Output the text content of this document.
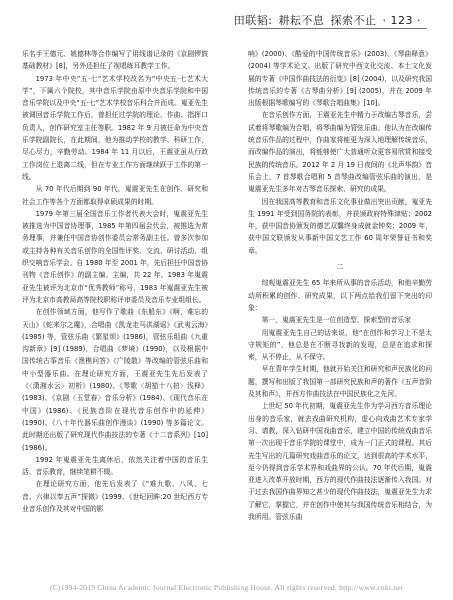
田联韬: 耕耘不息 探索不止 · 123 ·

乐名手王德元、姚德林等合作编写了用线谱记录的《京剧锣鼓基础教材》[8]，另外还担任了视唱练耳教学工作。

1973 年中央“五·七”艺术学校改名为“中央五·七艺术大学”，下属六个院校，其中音乐学院由原中央音乐学院和中国音乐学院以及中央“五·七”艺术学校音乐科合并而成。嵬亚先生被调回音乐学院工作后，曾担任过学院的理论、作曲、指挥口负责人，创作研究室主任等职。1982 年 9 月被任命为中央音乐学院副院长，在此期间，他为推动学校的教学、科研工作，尽心尽力，辛勤劳动。1984 年 11 月以后，王震亚虽从行政工作岗位上退离二线，但在专业工作方面继续跃于工作的第一线。

从 70 年代后期到 90 年代，嵬震亚先生在创作、研究和社会工作等各个方面都取得卓硕成果的时期。

1979 年第三届全国音乐工作者代表大会时，嵬震亚先生被推选为中国音协理事，1985 年第四届会代会，被推选为常务理事，并兼任中国音协创作委员会常务副主任。曾多次参加或主持各种有关音乐创作的全国性评奖、交流、研讨活动，组织交响音乐学会。自 1980 年至 2001 年，先后担任中国音协刊物《音乐创作》的副主编、主编，共 22 年。1983 年嵬震亚先生被评为北京市“优秀教师”称号，1983 年嵬震亚先生被评为北京市高教局高等院校职称评审委员及音乐专业组组长。

在创作领域方面，他写作了歌曲《东船东》《啊，难忘的天山》《蛇来尔之魔》，合唱曲《凯龙走马洪湖谣》《武夷云海》(1985) 等，管弦乐曲《繁星颂》(1986)，管弦乐组曲《九重沟新章》[9] (1989)，合唱曲《梦境》(1990)，以及根据中国传统古筝音乐《渔樵问答》《广陵散》等改编的管弦乐曲和中小型器乐曲。在理论研究方面，王震亚先生先后发表了《〈潇湘水云〉初析》(1980)、《琴歌〈胡笳十八拍〉浅释》(1983)、《京剧〈玉堂春〉音乐分析》(1984)、《现代音乐在中国》(1986)、《民族音阶在现代音乐创作中的延伸》(1990)、《八十年代器乐曲创作漫谈》(1990) 等多篇论文。此时期还出版了研究现代作曲技法的专著《十二音系列》[10] (1986)。

1992 年嵬震亚先生离休后，依然关注着中国的音乐生活、音乐教育，继续笔耕不辍。

在理论研究方面，他先后发表了《“难九歌、八风、七音、六律以奉五声”探微》(1999、《世纪回眸:20 世纪西方专业音乐创作及其对中国的影

响》(2000)、《酷爱的中国传统音乐》(2003)、《琴曲释意》(2004) 等学术论文。出版了研究中西文化交流、本土文化发展的专著《中国作曲技法的衍变》[8] (2004)，以及研究我国传统音乐的专著《古琴曲分析》[9] (2005)，并在 2009 年出版根据琴歌编写的《琴歌合唱曲集》[10]。

在音乐创作方面，王震亚先生中精力于改编古琴音乐，尝试着将琴歌编为合唱，将琴曲编为管弦乐曲。他认为在改编传统音乐作品的过程中，作曲家将能更为深入地理解传统音乐，而改编作品的演出，将能够使广大普通听众更容易欣赏和接受民族的传统音乐。2012 年 2 月 19 日夜间的《北声华韵》音乐会上，7 首琴歌合唱和 5 首琴曲改编管弦乐曲的演出，是嵬震亚先生多年对古琴音乐探索、研究的成果。

因在我国高等教育和音乐文化事业做出突出贡献，嵬亚先生 1991 年受到国务院的表彰，并获颁政府特殊津贴；2002 年，获中国音协颁发的德艺双馨终身成就金钟奖；2009 年，获中国文联颁发从事新中国文艺工作 60 周年荣誉证书和奖章。

二

综观嵬震亚先生 65 年来所从事的音乐活动，和他辛勤劳动所积累的创作、研究成果，以下两点给我们留下突出的印象：

第一，嵬震亚先生是一位创造型、探索型的音乐家

用嵬震亚先生自己的话来说，他“在创作和学习上不是太守规矩的”，他总是在不断寻找新的发现，总是在追求和探索，从不停止，从不保守。

早在青年学生时期，他就开始关注和研究和声民族化的问题，撰写和出版了我国第一部研究民族和声的著作《五声音阶及其和声》，并西方作曲技法在中国民族化之先河。

上世纪 50 年代初期，嵬震亚先生作为学习西方音乐理论出身的音乐家，就去戏曲研究机构，虚心向戏曲艺术专家学习、请教，深入钻研中国戏曲音乐，建立中国的传统戏曲音乐第一次出现于音乐学院的课堂中，成为一门正式的课程。其后先生写出的几篇研究戏曲音乐的论文，达到很高的学术水平，至今仍得到音乐学术界和戏曲界的公认。70 年代后期，嵬震亚进入改革开放时期，西方的现代作曲技法逐渐传入我国。对于过去我国作曲界知之甚少的现代作曲技法，嵬震亚先生力求了解它，掌握它，并在创作中使其与我国传统音乐相结合，为我所用。管弦乐曲

(C)1994-2019 China Academic Journal Electronic Publishing House. All rights reserved. http://www.cnki.net
